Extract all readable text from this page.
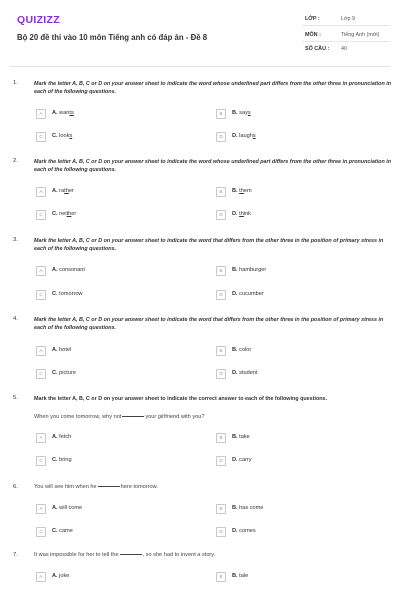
QUIZIZZ
Bộ 20 đề thi vào 10 môn Tiếng anh có đáp án - Đề 8
LỚP :	Lớp 9
MÔN :	Tiếng Anh (mới)
SỐ CÂU : 40
1.	Mark the letter A, B, C or D on your answer sheet to indicate the word whose underlined part differs from the other three in pronunciation in each of the following questions.
A	A. wants	B	B. says
C	C. looks	D	D. laughs
2.	Mark the letter A, B, C or D on your answer sheet to indicate the word whose underlined part differs from the other three in pronunciation in each of the following questions.
A	A. rather	B	B. them
C	C. neither	D	D. think
3.	Mark the letter A, B, C or D on your answer sheet to indicate the word that differs from the other three in the position of primary stress in each of the following questions.
A	A. consonant	B	B. hamburger
C	C. tomorrow	D	D. cucumber
4.	Mark the letter A, B, C or D on your answer sheet to indicate the word that differs from the other three in the position of primary stress in each of the following questions.
A	A. hotel	B	B. color
C	C. picture	D	D. student
5.	Mark the letter A, B, C or D on your answer sheet to indicate the correct answer to each of the following questions.
When you come tomorrow, why not	your girlfriend with you?
A	A. fetch	B	B. take
C	C. bring	D	D. carry
6.	You will see him when he	here tomorrow.
A	A. will come	B	B. has come
C	C. came	D	D. comes
7.	It was impossible for her to tell the	, so she had to invent a story.
A	A. joke	B	B. tale
